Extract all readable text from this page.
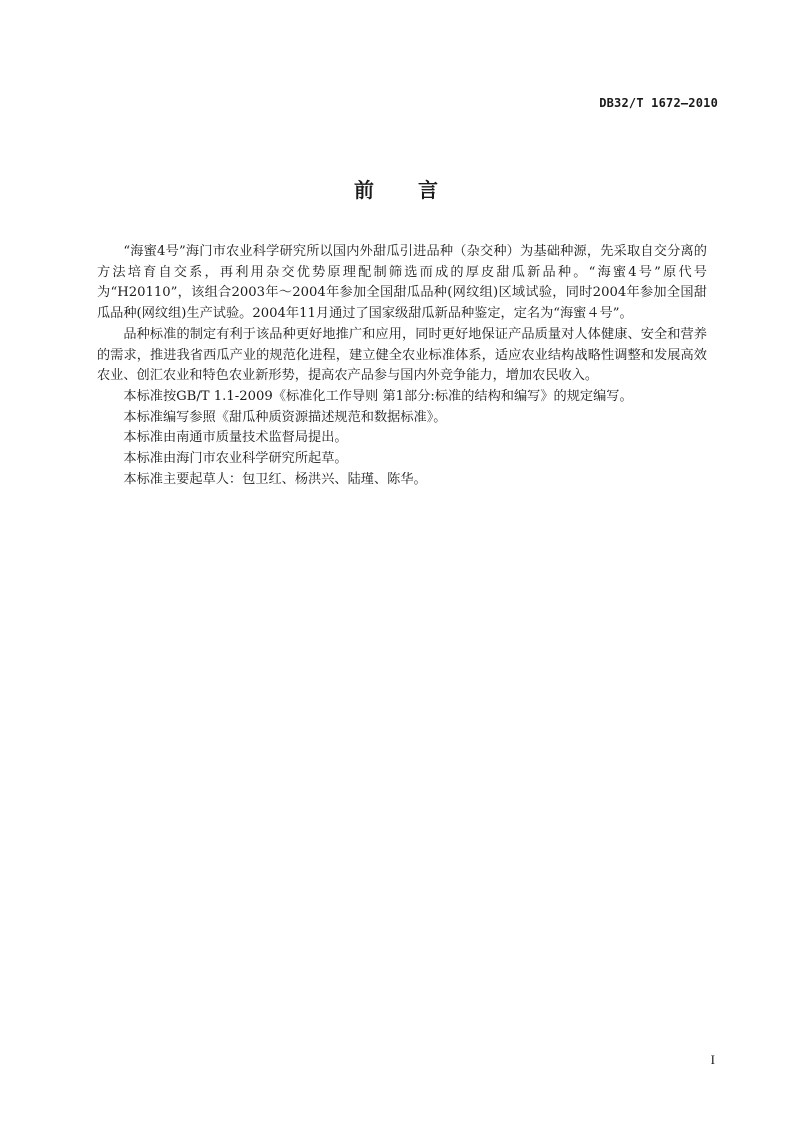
DB32/T 1672—2010

前 言

“海蜜4号”海门市农业科学研究所以国内外甜瓜引进品种（杂交种）为基础种源，先采取自交分离的方法培育自交系，再利用杂交优势原理配制筛选而成的厚皮甜瓜新品种。“海蜜4号”原代号为“H20110”，该组合2003年～2004年参加全国甜瓜品种(网纹组)区域试验，同时2004年参加全国甜瓜品种(网纹组)生产试验。2004年11月通过了国家级甜瓜新品种鉴定，定名为“海蜜４号”。

品种标准的制定有利于该品种更好地推广和应用，同时更好地保证产品质量对人体健康、安全和营养的需求，推进我省西瓜产业的规范化进程，建立健全农业标准体系，适应农业结构战略性调整和发展高效农业、创汇农业和特色农业新形势，提高农产品参与国内外竞争能力，增加农民收入。

本标准按GB/T 1.1-2009《标准化工作导则 第1部分:标准的结构和编写》的规定编写。

本标准编写参照《甜瓜种质资源描述规范和数据标准》。

本标准由南通市质量技术监督局提出。

本标准由海门市农业科学研究所起草。

本标准主要起草人：包卫红、杨洪兴、陆瑾、陈华。

I
